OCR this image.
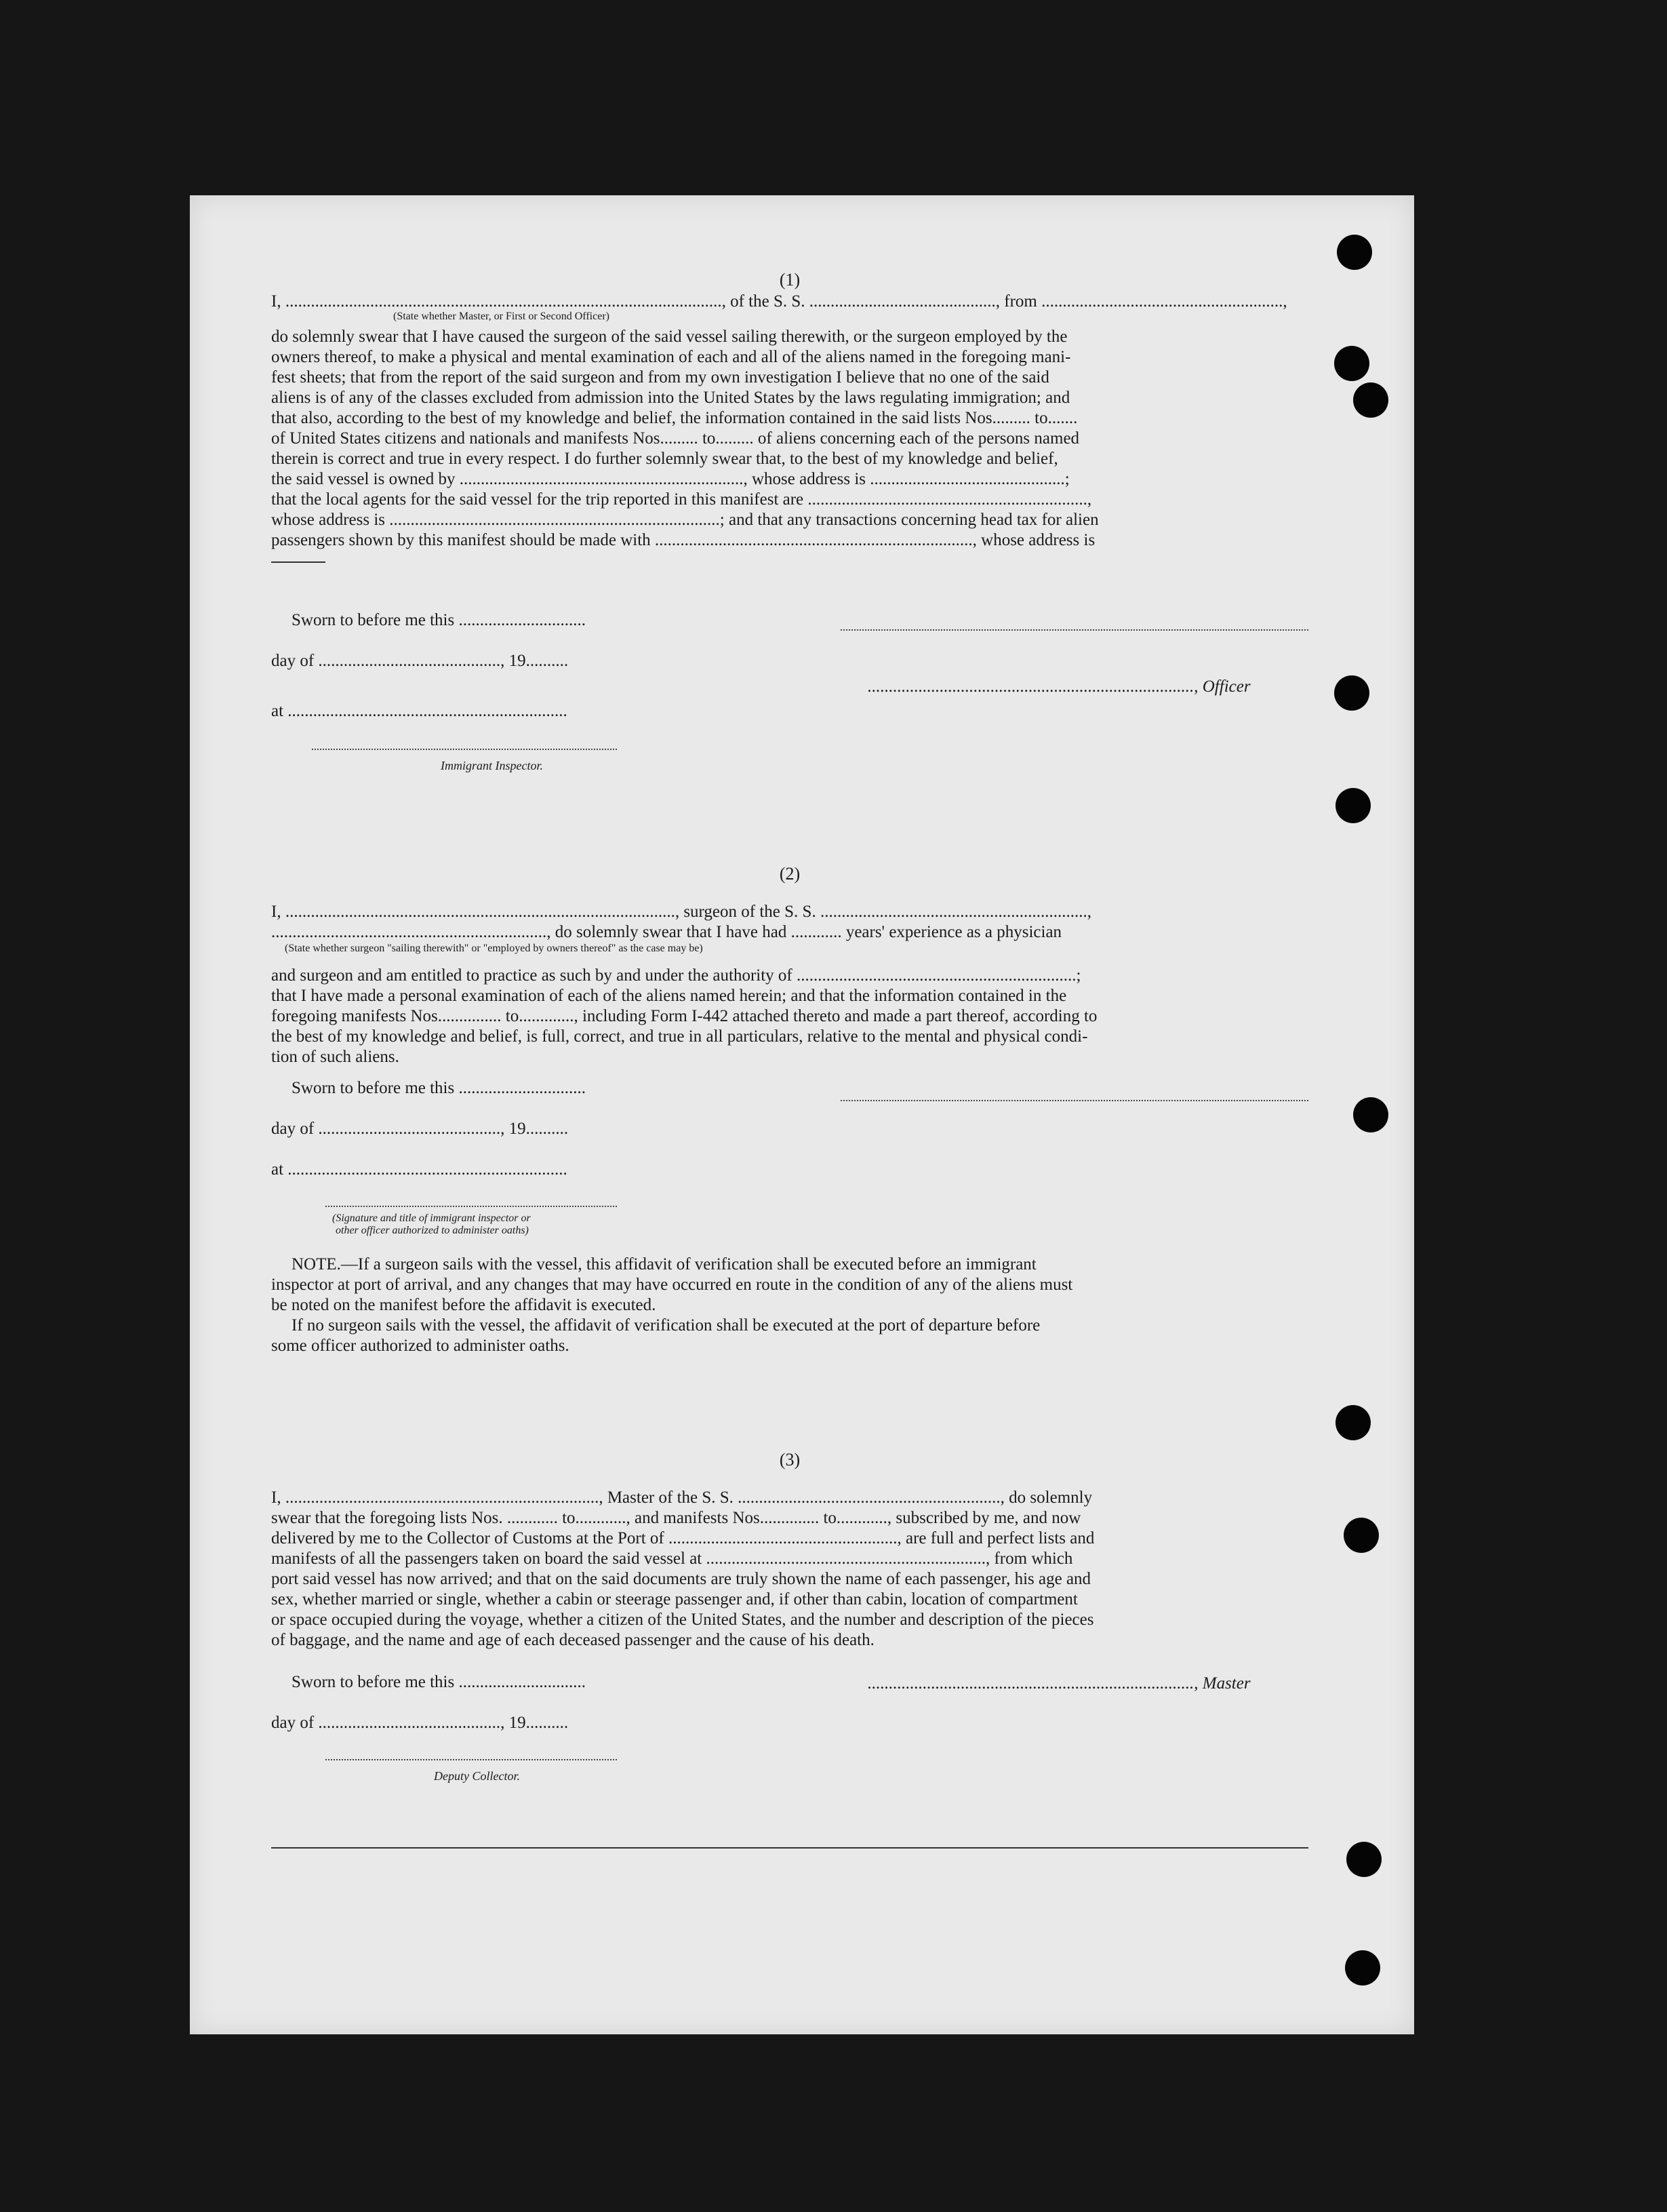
(1)
I, ......................................................................................................., of the S. S. ............................................, from .........................................................,
(State whether Master, or First or Second Officer)
do solemnly swear that I have caused the surgeon of the said vessel sailing therewith, or the surgeon employed by the
owners thereof, to make a physical and mental examination of each and all of the aliens named in the foregoing mani-
fest sheets; that from the report of the said surgeon and from my own investigation I believe that no one of the said
aliens is of any of the classes excluded from admission into the United States by the laws regulating immigration; and
that also, according to the best of my knowledge and belief, the information contained in the said lists Nos......... to.......
of United States citizens and nationals and manifests Nos......... to......... of aliens concerning each of the persons named
therein is correct and true in every respect. I do further solemnly swear that, to the best of my knowledge and belief,
the said vessel is owned by ..................................................................., whose address is ..............................................;
that the local agents for the said vessel for the trip reported in this manifest are ..................................................................,
whose address is ..............................................................................; and that any transactions concerning head tax for alien
passengers shown by this manifest should be made with ..........................................................................., whose address is
Sworn to before me this ..............................
day of ..........................................., 19..........
............................................................................., Officer
at ..................................................................
Immigrant Inspector.
(2)
I, ............................................................................................, surgeon of the S. S. ...............................................................,
................................................................., do solemnly swear that I have had ............ years' experience as a physician
(State whether surgeon "sailing therewith" or "employed by owners thereof" as the case may be)
and surgeon and am entitled to practice as such by and under the authority of ..................................................................;
that I have made a personal examination of each of the aliens named herein; and that the information contained in the
foregoing manifests Nos............... to............., including Form I-442 attached thereto and made a part thereof, according to
the best of my knowledge and belief, is full, correct, and true in all particulars, relative to the mental and physical condi-
tion of such aliens.
Sworn to before me this ..............................
day of ..........................................., 19..........
at ..................................................................
(Signature and title of immigrant inspector or
other officer authorized to administer oaths)
NOTE.—If a surgeon sails with the vessel, this affidavit of verification shall be executed before an immigrant
inspector at port of arrival, and any changes that may have occurred en route in the condition of any of the aliens must
be noted on the manifest before the affidavit is executed.
If no surgeon sails with the vessel, the affidavit of verification shall be executed at the port of departure before
some officer authorized to administer oaths.
(3)
I, .........................................................................., Master of the S. S. .............................................................., do solemnly
swear that the foregoing lists Nos. ............ to............, and manifests Nos.............. to............, subscribed by me, and now
delivered by me to the Collector of Customs at the Port of ......................................................, are full and perfect lists and
manifests of all the passengers taken on board the said vessel at .................................................................., from which
port said vessel has now arrived; and that on the said documents are truly shown the name of each passenger, his age and
sex, whether married or single, whether a cabin or steerage passenger and, if other than cabin, location of compartment
or space occupied during the voyage, whether a citizen of the United States, and the number and description of the pieces
of baggage, and the name and age of each deceased passenger and the cause of his death.
Sworn to before me this ..............................	............................................................................., Master
day of ..........................................., 19..........
Deputy Collector.
